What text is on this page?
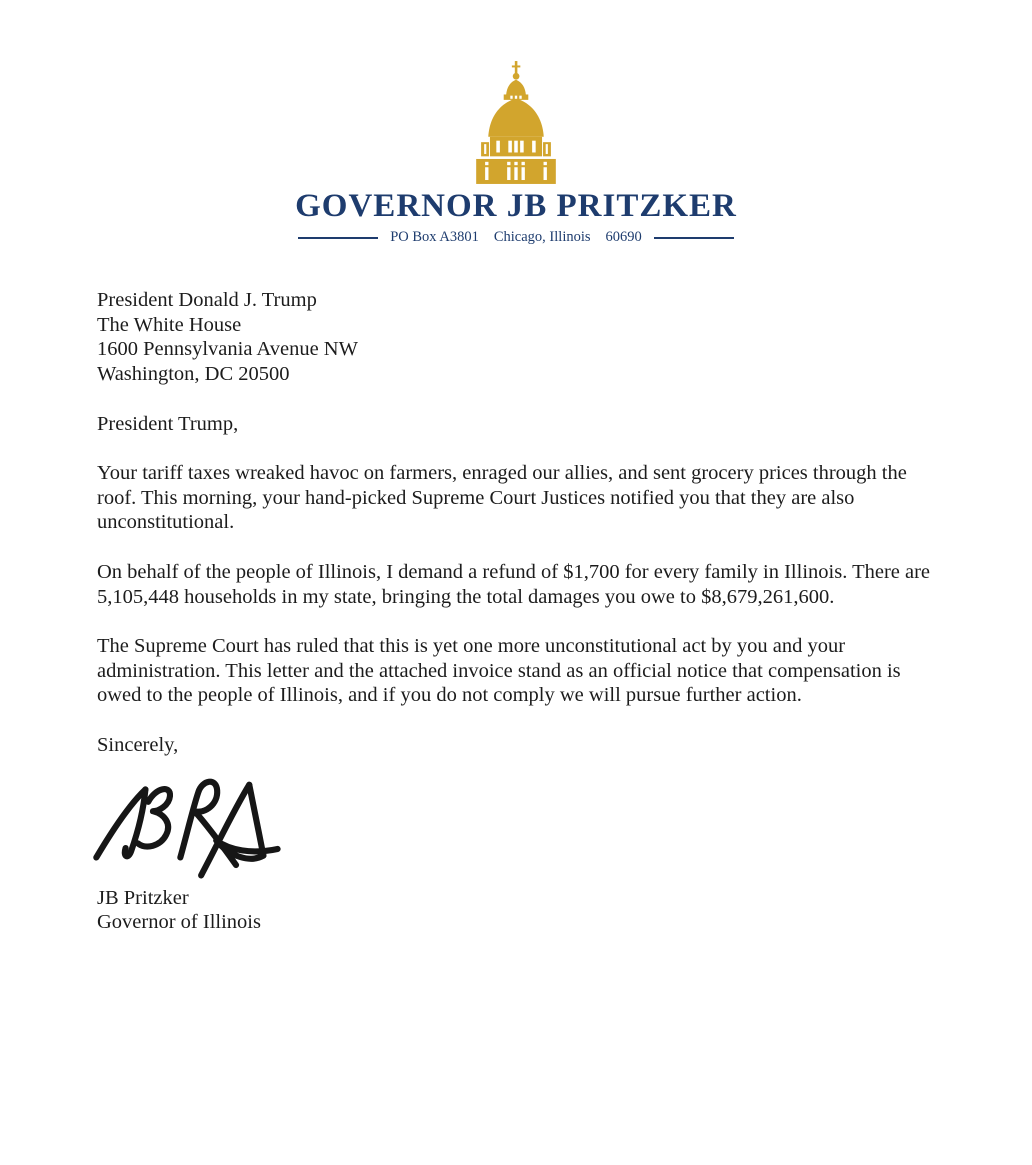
GOVERNOR JB PRITZKER
PO Box A3801 Chicago, Illinois 60690
President Donald J. Trump
The White House
1600 Pennsylvania Avenue NW
Washington, DC 20500
President Trump,
Your tariff taxes wreaked havoc on farmers, enraged our allies, and sent grocery prices through the roof. This morning, your hand-picked Supreme Court Justices notified you that they are also unconstitutional.
On behalf of the people of Illinois, I demand a refund of $1,700 for every family in Illinois. There are 5,105,448 households in my state, bringing the total damages you owe to $8,679,261,600.
The Supreme Court has ruled that this is yet one more unconstitutional act by you and your administration. This letter and the attached invoice stand as an official notice that compensation is owed to the people of Illinois, and if you do not comply we will pursue further action.
Sincerely,
JB Pritzker
Governor of Illinois
